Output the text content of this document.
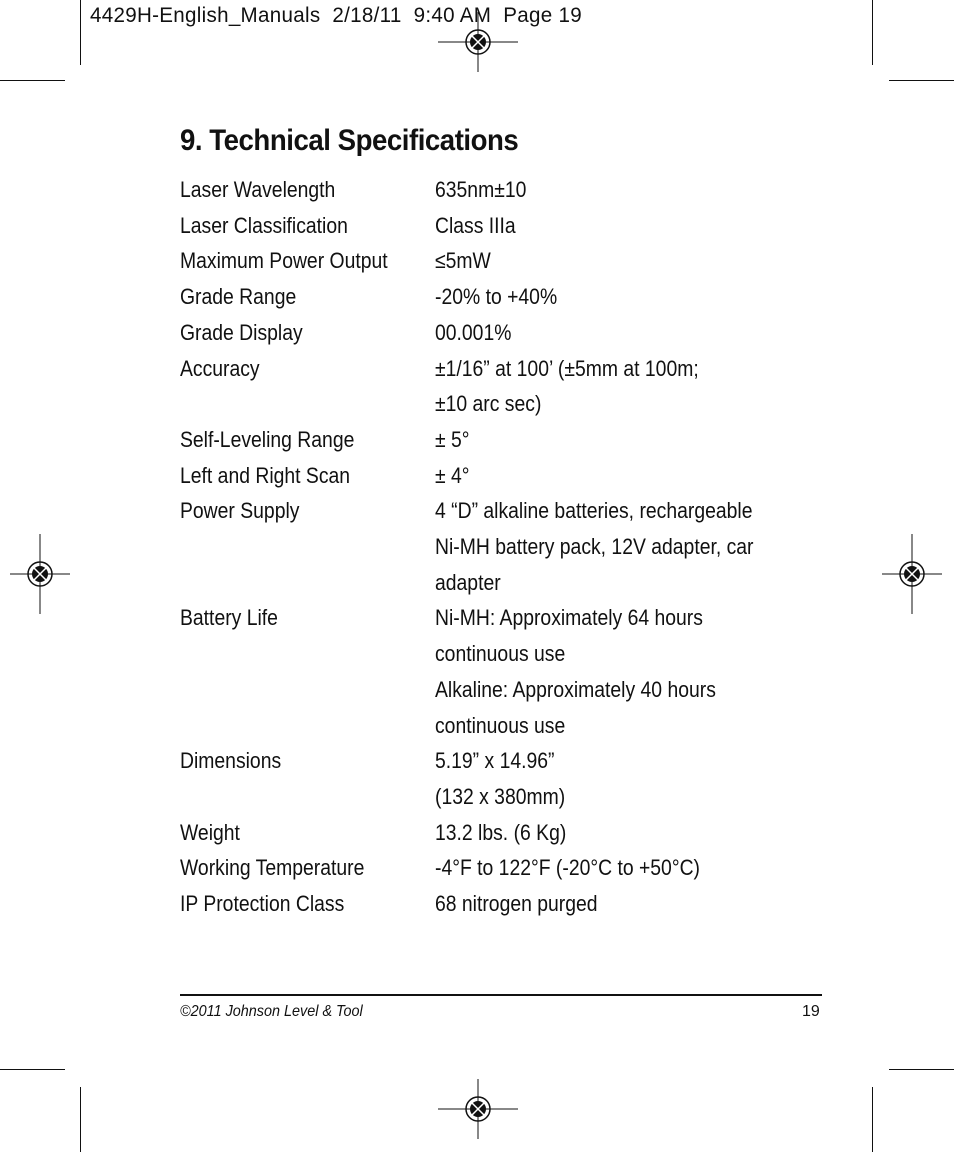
4429H-English_Manuals  2/18/11  9:40 AM  Page 19
9. Technical Specifications
Laser Wavelength	635nm±10
Laser Classification	Class IIIa
Maximum Power Output	≤5mW
Grade Range	-20% to +40%
Grade Display	00.001%
Accuracy	±1/16” at 100’ (±5mm at 100m;
±10 arc sec)
Self-Leveling Range	± 5°
Left and Right Scan	± 4°
Power Supply	4 “D” alkaline batteries, rechargeable
Ni-MH battery pack, 12V adapter, car
adapter
Battery Life	Ni-MH: Approximately 64 hours
continuous use
Alkaline: Approximately 40 hours
continuous use
Dimensions	5.19” x 14.96”
(132 x 380mm)
Weight	13.2 lbs. (6 Kg)
Working Temperature	-4°F to 122°F (-20°C to +50°C)
IP Protection Class	68 nitrogen purged
©2011 Johnson Level & Tool	19
